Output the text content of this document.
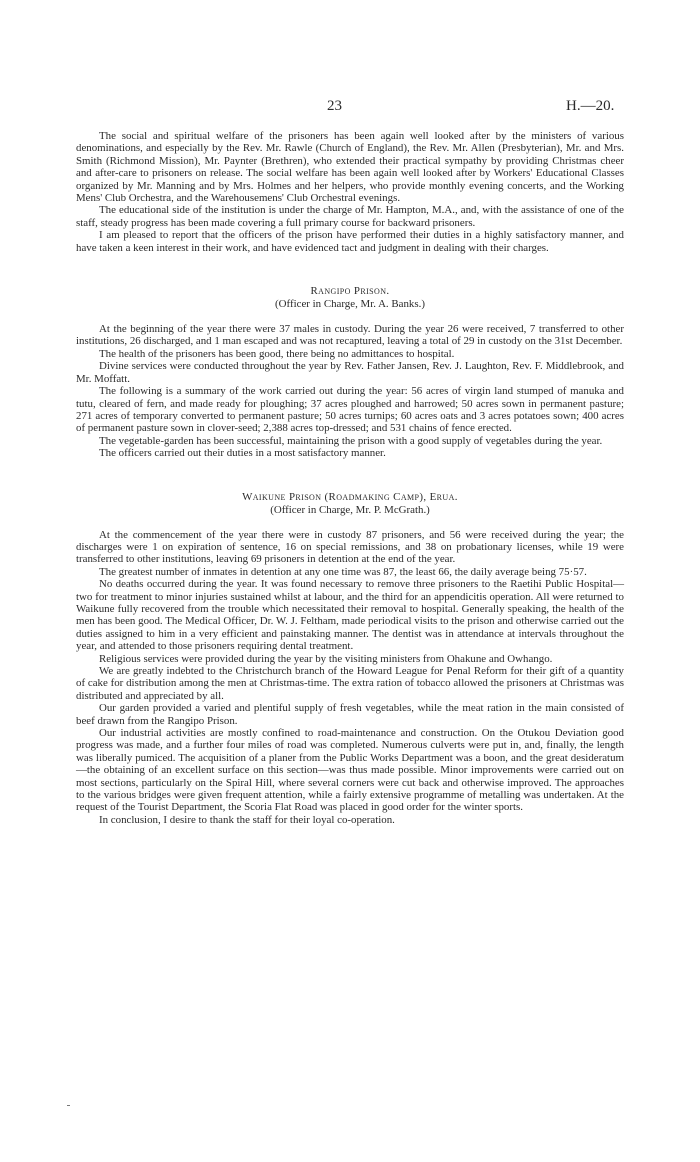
23	H.—20.

The social and spiritual welfare of the prisoners has been again well looked after by the ministers of various denominations, and especially by the Rev. Mr. Rawle (Church of England), the Rev. Mr. Allen (Presbyterian), Mr. and Mrs. Smith (Richmond Mission), Mr. Paynter (Brethren), who extended their practical sympathy by providing Christmas cheer and after-care to prisoners on release. The social welfare has been again well looked after by Workers' Educational Classes organized by Mr. Manning and by Mrs. Holmes and her helpers, who provide monthly evening concerts, and the Working Mens' Club Orchestra, and the Warehousemens' Club Orchestral evenings.

The educational side of the institution is under the charge of Mr. Hampton, M.A., and, with the assistance of one of the staff, steady progress has been made covering a full primary course for backward prisoners.

I am pleased to report that the officers of the prison have performed their duties in a highly satisfactory manner, and have taken a keen interest in their work, and have evidenced tact and judgment in dealing with their charges.

Rangipo Prison.
(Officer in Charge, Mr. A. Banks.)

At the beginning of the year there were 37 males in custody. During the year 26 were received, 7 transferred to other institutions, 26 discharged, and 1 man escaped and was not recaptured, leaving a total of 29 in custody on the 31st December.

The health of the prisoners has been good, there being no admittances to hospital.

Divine services were conducted throughout the year by Rev. Father Jansen, Rev. J. Laughton, Rev. F. Middlebrook, and Mr. Moffatt.

The following is a summary of the work carried out during the year: 56 acres of virgin land stumped of manuka and tutu, cleared of fern, and made ready for ploughing; 37 acres ploughed and harrowed; 50 acres sown in permanent pasture; 271 acres of temporary converted to permanent pasture; 50 acres turnips; 60 acres oats and 3 acres potatoes sown; 400 acres of permanent pasture sown in clover-seed; 2,388 acres top-dressed; and 531 chains of fence erected.

The vegetable-garden has been successful, maintaining the prison with a good supply of vegetables during the year.

The officers carried out their duties in a most satisfactory manner.

Waikune Prison (Roadmaking Camp), Erua.
(Officer in Charge, Mr. P. McGrath.)

At the commencement of the year there were in custody 87 prisoners, and 56 were received during the year; the discharges were 1 on expiration of sentence, 16 on special remissions, and 38 on probationary licenses, while 19 were transferred to other institutions, leaving 69 prisoners in detention at the end of the year.

The greatest number of inmates in detention at any one time was 87, the least 66, the daily average being 75·57.

No deaths occurred during the year. It was found necessary to remove three prisoners to the Raetihi Public Hospital—two for treatment to minor injuries sustained whilst at labour, and the third for an appendicitis operation. All were returned to Waikune fully recovered from the trouble which necessitated their removal to hospital. Generally speaking, the health of the men has been good. The Medical Officer, Dr. W. J. Feltham, made periodical visits to the prison and otherwise carried out the duties assigned to him in a very efficient and painstaking manner. The dentist was in attendance at intervals throughout the year, and attended to those prisoners requiring dental treatment.

Religious services were provided during the year by the visiting ministers from Ohakune and Owhango.

We are greatly indebted to the Christchurch branch of the Howard League for Penal Reform for their gift of a quantity of cake for distribution among the men at Christmas-time. The extra ration of tobacco allowed the prisoners at Christmas was distributed and appreciated by all.

Our garden provided a varied and plentiful supply of fresh vegetables, while the meat ration in the main consisted of beef drawn from the Rangipo Prison.

Our industrial activities are mostly confined to road-maintenance and construction. On the Otukou Deviation good progress was made, and a further four miles of road was completed. Numerous culverts were put in, and, finally, the length was liberally pumiced. The acquisition of a planer from the Public Works Department was a boon, and the great desideratum—the obtaining of an excellent surface on this section—was thus made possible. Minor improvements were carried out on most sections, particularly on the Spiral Hill, where several corners were cut back and otherwise improved. The approaches to the various bridges were given frequent attention, while a fairly extensive programme of metalling was undertaken. At the request of the Tourist Department, the Scoria Flat Road was placed in good order for the winter sports.

In conclusion, I desire to thank the staff for their loyal co-operation.
